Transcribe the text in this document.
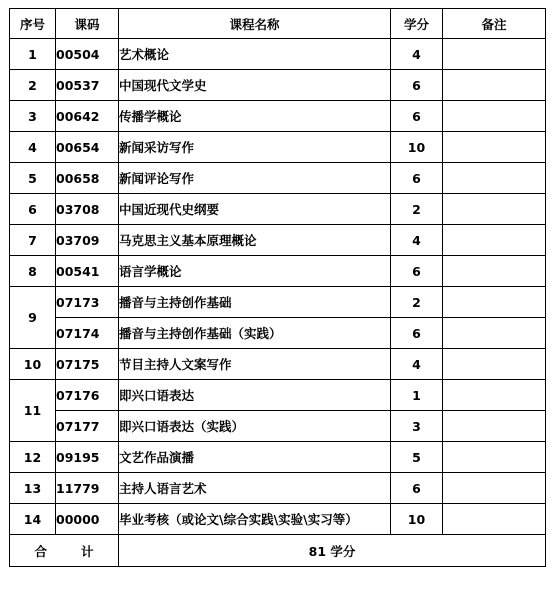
序号	课码	课程名称	学分	备注
1	00504	艺术概论	4	
2	00537	中国现代文学史	6	
3	00642	传播学概论	6	
4	00654	新闻采访写作	10	
5	00658	新闻评论写作	6	
6	03708	中国近现代史纲要	2	
7	03709	马克思主义基本原理概论	4	
8	00541	语言学概论	6	
9	07173	播音与主持创作基础	2	
	07174	播音与主持创作基础（实践）	6	
10	07175	节目主持人文案写作	4	
11	07176	即兴口语表达	1	
	07177	即兴口语表达（实践）	3	
12	09195	文艺作品演播	5	
13	11779	主持人语言艺术	6	
14	00000	毕业考核（或论文\综合实践\实验\实习等）	10	
合 计		81 学分		
